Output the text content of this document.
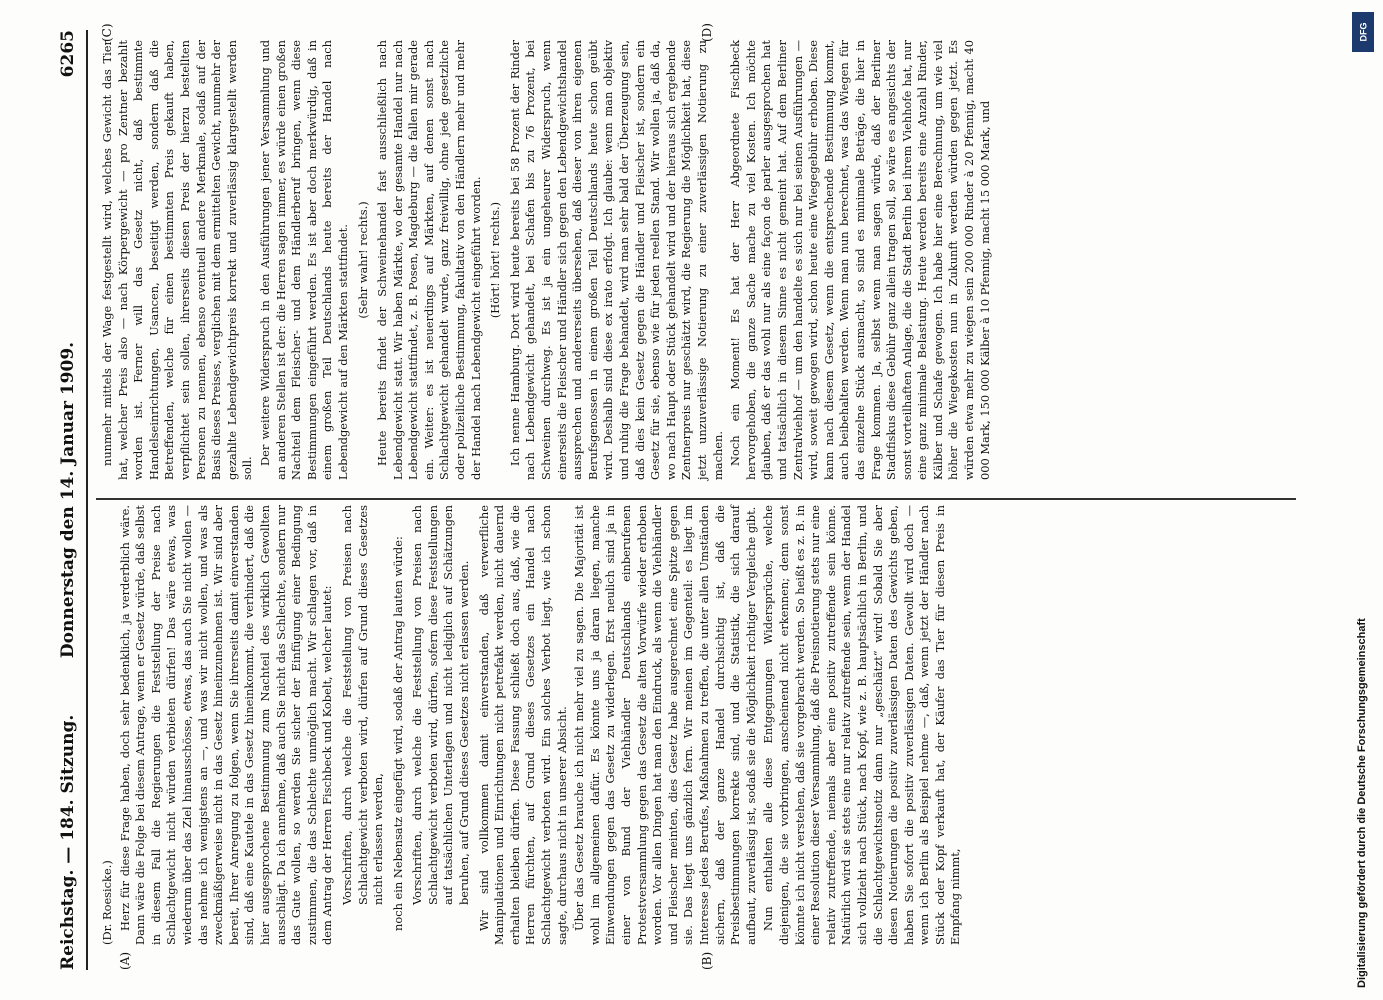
Reichstag. — 184. Sitzung.
Donnerstag den 14. Januar 1909.
6265
(A)	(B)
(C)	(D)

(Dr. Roesicke.) Herz für diese Frage haben, doch sehr bedenklich, ja verderblich wäre. Dann wäre die Folge bei diesem Antrage, wenn er Gesetz würde, daß selbst in diesem Fall die Regierungen die Feststellung der Preise nach Schlachtgewicht nicht würden verbieten dürfen! Das wäre etwas, was wiederum über das Ziel hinausschösse, etwas, das auch Sie nicht wollen — das nehme ich wenigstens an —, und was wir nicht wollen, und was als zweckmäßigerweise nicht in das Gesetz hineinzunehmen ist. Wir sind aber bereit, Ihrer Anregung zu folgen, wenn Sie ihrerseits damit einverstanden sind, daß eine Kautele in das Gesetz hineinkommt, die verhindert, daß die hier ausgesprochene Bestimmung zum Nachteil des wirklich Gewollten ausschlägt. Da ich annehme, daß auch Sie nicht das Schlechte, sondern nur das Gute wollen, so werden Sie sicher der Einfügung einer Bedingung zustimmen, die das Schlechte unmöglich macht. Wir schlagen vor, daß in dem Antrag der Herren Fischbeck und Kobelt, welcher lautet: Vorschriften, durch welche die Feststellung von Preisen nach Schlachtgewicht verboten wird, dürfen auf Grund dieses Gesetzes nicht erlassen werden, noch ein Nebensatz eingefügt wird, sodaß der Antrag lauten würde: Vorschriften, durch welche die Feststellung von Preisen nach Schlachtgewicht verboten wird, dürfen, sofern diese Feststellungen auf tatsächlichen Unterlagen und nicht lediglich auf Schätzungen beruhen, auf Grund dieses Gesetzes nicht erlassen werden. Wir sind vollkommen damit einverstanden, daß verwerfliche Manipulationen und Einrichtungen nicht petrefakt werden, nicht dauernd erhalten bleiben dürfen. Diese Fassung schließt doch aus, daß, wie die Herren fürchten, auf Grund dieses Gesetzes ein Handel nach Schlachtgewicht verboten wird. Ein solches Verbot liegt, wie ich schon sagte, durchaus nicht in unserer Absicht. Über das Gesetz brauche ich nicht mehr viel zu sagen. Die Majorität ist wohl im allgemeinen dafür. Es könnte uns ja daran liegen, manche Einwendungen gegen das Gesetz zu widerlegen. Erst neulich sind ja in einer von Bund der Viehhändler Deutschlands einberufenen Protestversammlung gegen das Gesetz die alten Vorwürfe wieder erhoben worden. Vor allen Dingen hat man den Eindruck, als wenn die Viehhändler und Fleischer meinten, dies Gesetz habe ausgerechnet eine Spitze gegen sie. Das liegt uns gänzlich fern. Wir meinen im Gegenteil: es liegt im Interesse jedes Berufes, Maßnahmen zu treffen, die unter allen Umständen sichern, daß der ganze Handel durchsichtig ist, daß die Preisbestimmungen korrekte sind, und die Statistik, die sich darauf aufbaut, zuverlässig ist, sodaß sie die Möglichkeit richtiger Vergleiche gibt. Nun enthalten alle diese Entgegnungen Widersprüche, welche diejenigen, die sie vorbringen, anscheinend nicht erkennen; denn sonst könnte ich nicht verstehen, daß sie vorgebracht werden. So heißt es z. B. in einer Resolution dieser Versammlung, daß die Preisnotierung stets nur eine relativ zutreffende, niemals aber eine positiv zutreffende sein könne. Natürlich wird sie stets eine nur relativ zutreffende sein, wenn der Handel sich vollzieht nach Stück, nach Kopf, wie z. B. hauptsächlich in Berlin, und die Schlachtgewichtsnotiz dann nur „geschätzt“ wird! Sobald Sie aber diesen Notierungen die positiv zuverlässigen Daten des Gewichts geben, haben Sie sofort die positiv zuverlässigen Daten. Gewollt wird doch — wenn ich Berlin als Beispiel nehme —, daß, wenn jetzt der Händler nach Stück oder Kopf verkauft hat, der Käufer das Tier für diesen Preis in Empfang nimmt,

nunmehr mittels der Wage festgestellt wird, welches Gewicht das Tier hat, welcher Preis also — nach Körpergewicht — pro Zentner bezahlt worden ist. Ferner will das Gesetz nicht, daß bestimmte Handelseinrichtungen, Usancen, beseitigt werden, sondern daß die Betreffenden, welche für einen bestimmten Preis gekauft haben, verpflichtet sein sollen, ihrerseits diesen Preis der hierzu bestellten Personen zu nennen, ebenso eventuell andere Merkmale, sodaß auf der Basis dieses Preises, verglichen mit dem ermittelten Gewicht, nunmehr der gezahlte Lebendgewichtpreis korrekt und zuverlässig klargestellt werden soll.

Der weitere Widerspruch in den Ausführungen jener Versammlung und an anderen Stellen ist der: die Herren sagen immer, es würde einen großen Nachteil dem Fleischer- und dem Händlerberuf bringen, wenn diese Bestimmungen eingeführt werden. Es ist aber doch merkwürdig, daß in einem großen Teil Deutschlands heute bereits der Handel nach Lebendgewicht auf den Märkten stattfindet. (Sehr wahr! rechts.) Heute bereits findet der Schweinehandel fast ausschließlich nach Lebendgewicht statt. Wir haben Märkte, wo der gesamte Handel nur nach Lebendgewicht stattfindet, z. B. Posen, Magdeburg — die fallen mir gerade ein. Weiter: es ist neuerdings auf Märkten, auf denen sonst nach Schlachtgewicht gehandelt wurde, ganz freiwillig, ohne jede gesetzliche oder polizeiliche Bestimmung, fakultativ von den Händlern mehr und mehr der Handel nach Lebendgewicht eingeführt worden. (Hört! hört! rechts.) Ich nenne Hamburg. Dort wird heute bereits bei 58 Prozent der Rinder nach Lebendgewicht gehandelt, bei Schafen bis zu 76 Prozent, bei Schweinen durchweg. Es ist ja ein ungeheurer Widerspruch, wenn einerseits die Fleischer und Händler sich gegen den Lebendgewichtshandel aussprechen und andererseits übersehen, daß dieser von ihren eigenen Berufsgenossen in einem großen Teil Deutschlands heute schon geübt wird. Deshalb sind diese ex irato erfolgt. Ich glaube: wenn man objektiv und ruhig die Frage behandelt, wird man sehr bald der Überzeugung sein, daß dies kein Gesetz gegen die Händler und Fleischer ist, sondern ein Gesetz für sie, ebenso wie für jeden reellen Stand. Wir wollen ja, daß da, wo nach Haupt oder Stück gehandelt wird und der hieraus sich ergebende Zentnerpreis nur geschätzt wird, die Regierung die Möglichkeit hat, diese jetzt unzuverlässige Notierung zu einer zuverlässigen Notierung zu machen. Noch ein Moment! Es hat der Herr Abgeordnete Fischbeck hervorgehoben, die ganze Sache mache zu viel Kosten. Ich möchte glauben, daß er das wohl nur als eine façon de parler ausgesprochen hat und tatsächlich in diesem Sinne es nicht gemeint hat. Auf dem Berliner Zentralviehhof — um den handelte es sich nur bei seinen Ausführungen — wird, soweit gewogen wird, schon heute eine Wiegegebühr erhoben. Diese kann nach diesem Gesetz, wenn die entsprechende Bestimmung kommt, auch beibehalten werden. Wenn man nun berechnet, was das Wiegen für das einzelne Stück ausmacht, so sind es minimale Beträge, die hier in Frage kommen. Ja, selbst wenn man sagen würde, daß der Berliner Stadtfiskus diese Gebühr ganz allein tragen soll, so wäre es angesichts der sonst vorteilhaften Anlage, die die Stadt Berlin bei ihrem Viehhofe hat, nur eine ganz minimale Belastung. Heute werden bereits eine Anzahl Rinder, Kälber und Schafe gewogen. Ich habe hier eine Berechnung, um wie viel höher die Wiegekosten nun in Zukunft werden würden gegen jetzt. Es würden etwa mehr zu wiegen sein 200 000 Rinder à 20 Pfennig, macht 40 000 Mark, 150 000 Kälber à 10 Pfennig, macht 15 000 Mark, und

DFG
Digitalisierung gefördert durch die Deutsche Forschungsgemeinschaft
